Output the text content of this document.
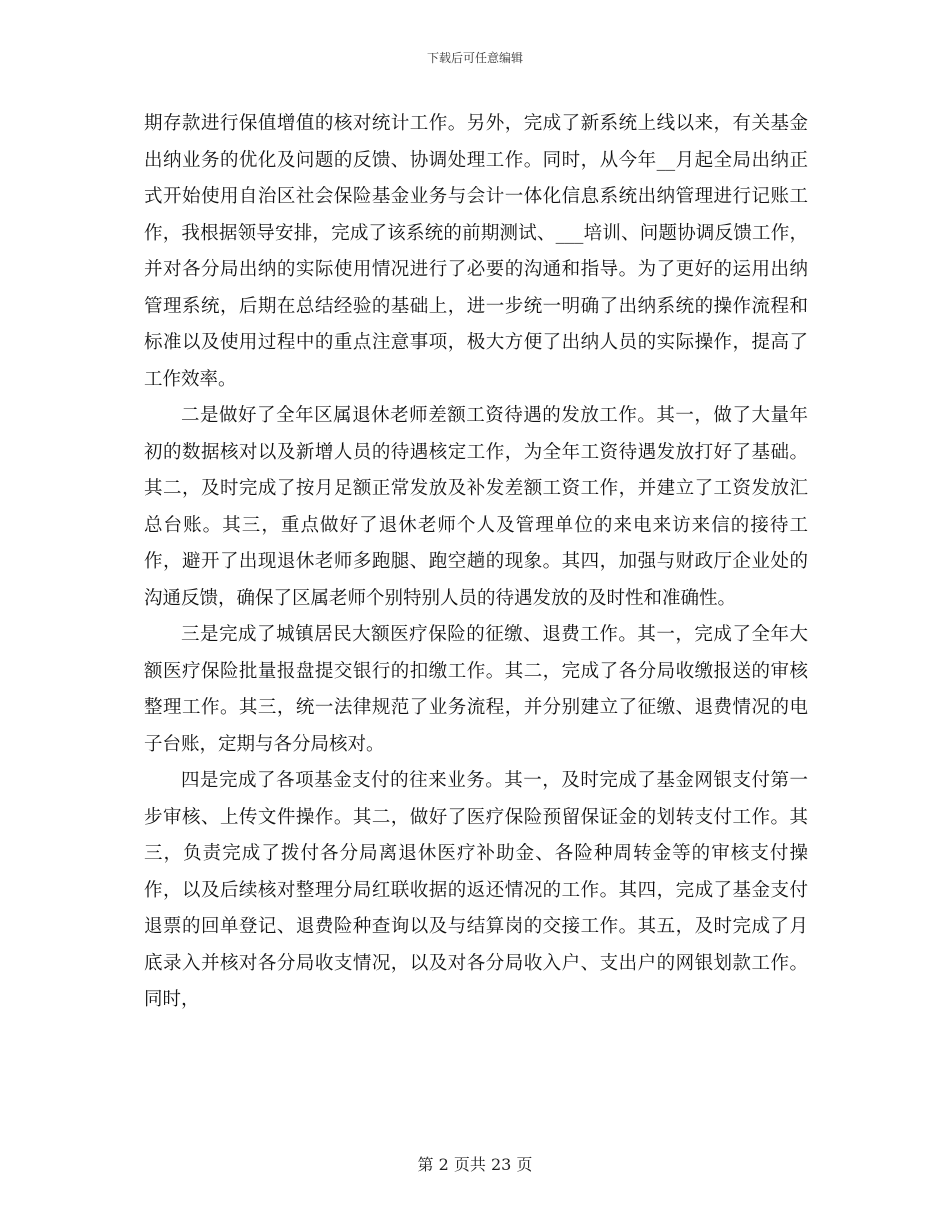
下载后可任意编辑

期存款进行保值增值的核对统计工作。另外，完成了新系统上线以来，有关基金出纳业务的优化及问题的反馈、协调处理工作。同时，从今年__月起全局出纳正式开始使用自治区社会保险基金业务与会计一体化信息系统出纳管理进行记账工作，我根据领导安排，完成了该系统的前期测试、___培训、问题协调反馈工作，并对各分局出纳的实际使用情况进行了必要的沟通和指导。为了更好的运用出纳管理系统，后期在总结经验的基础上，进一步统一明确了出纳系统的操作流程和标准以及使用过程中的重点注意事项，极大方便了出纳人员的实际操作，提高了工作效率。

二是做好了全年区属退休老师差额工资待遇的发放工作。其一，做了大量年初的数据核对以及新增人员的待遇核定工作，为全年工资待遇发放打好了基础。其二，及时完成了按月足额正常发放及补发差额工资工作，并建立了工资发放汇总台账。其三，重点做好了退休老师个人及管理单位的来电来访来信的接待工作，避开了出现退休老师多跑腿、跑空趟的现象。其四，加强与财政厅企业处的沟通反馈，确保了区属老师个别特别人员的待遇发放的及时性和准确性。

三是完成了城镇居民大额医疗保险的征缴、退费工作。其一，完成了全年大额医疗保险批量报盘提交银行的扣缴工作。其二，完成了各分局收缴报送的审核整理工作。其三，统一法律规范了业务流程，并分别建立了征缴、退费情况的电子台账，定期与各分局核对。

四是完成了各项基金支付的往来业务。其一，及时完成了基金网银支付第一步审核、上传文件操作。其二，做好了医疗保险预留保证金的划转支付工作。其三，负责完成了拨付各分局离退休医疗补助金、各险种周转金等的审核支付操作，以及后续核对整理分局红联收据的返还情况的工作。其四，完成了基金支付退票的回单登记、退费险种查询以及与结算岗的交接工作。其五，及时完成了月底录入并核对各分局收支情况，以及对各分局收入户、支出户的网银划款工作。同时，

第 2 页共 23 页
